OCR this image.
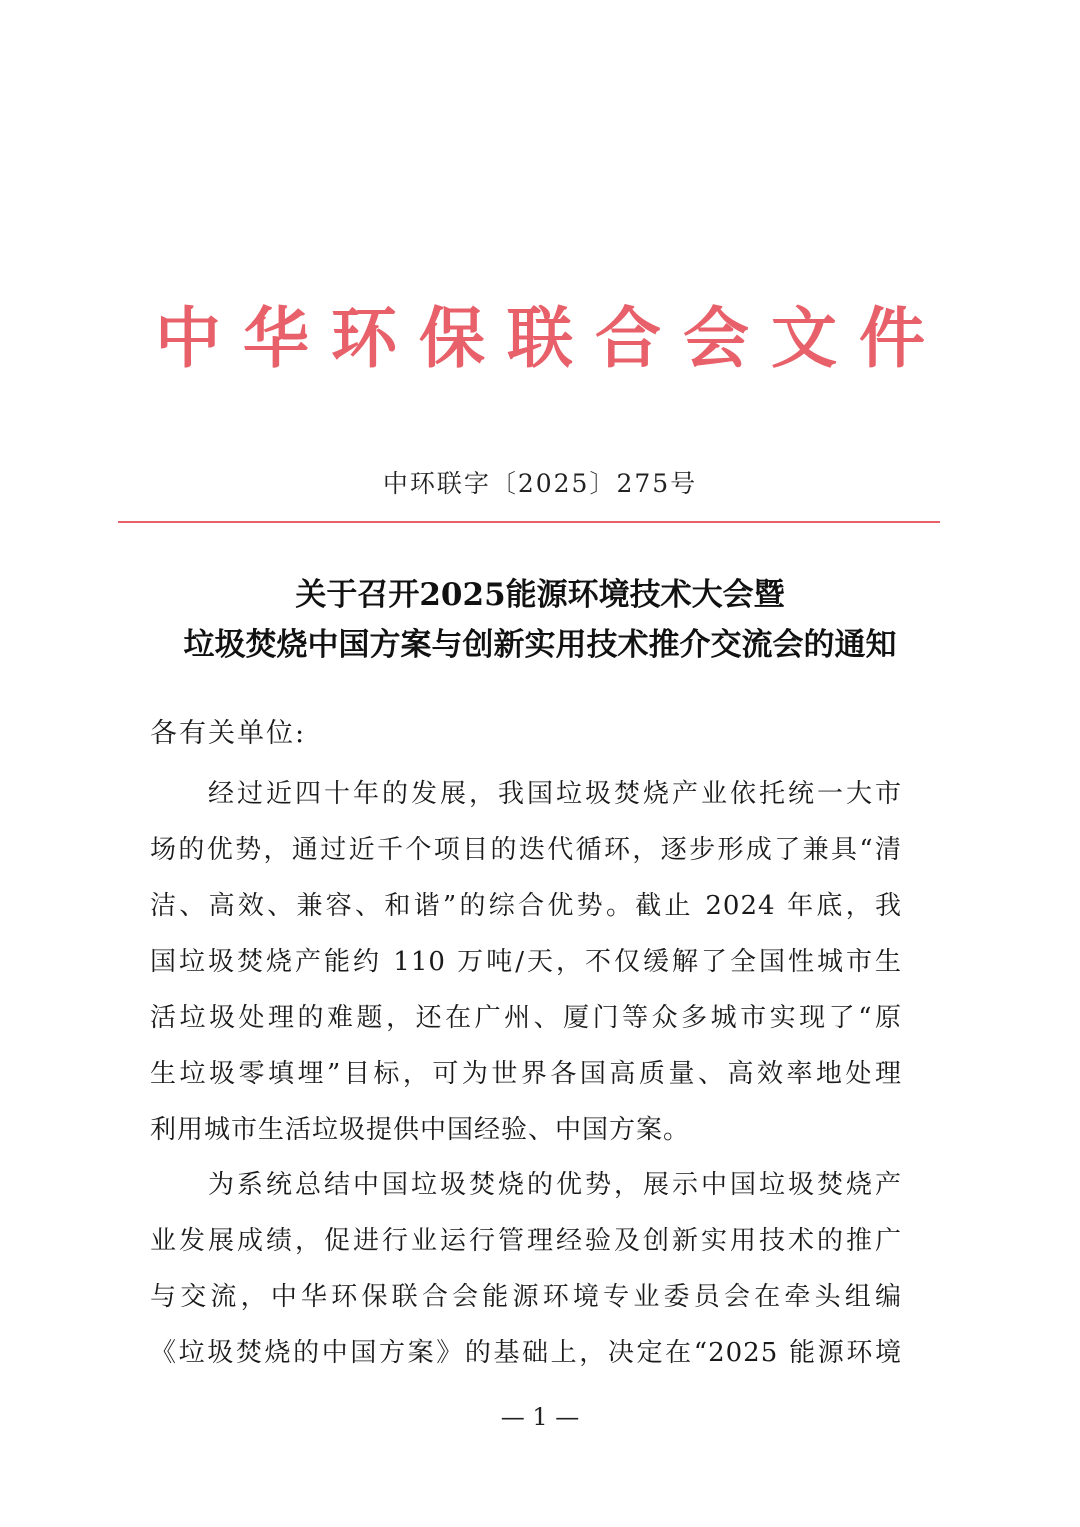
中华环保联合会文件
中环联字〔2025〕275号
关于召开2025能源环境技术大会暨
垃圾焚烧中国方案与创新实用技术推介交流会的通知
各有关单位:
　　经过近四十年的发展，我国垃圾焚烧产业依托统一大市
场的优势，通过近千个项目的迭代循环，逐步形成了兼具“清
洁、高效、兼容、和谐”的综合优势。截止 2024 年底，我
国垃圾焚烧产能约 110 万吨/天，不仅缓解了全国性城市生
活垃圾处理的难题，还在广州、厦门等众多城市实现了“原
生垃圾零填埋”目标，可为世界各国高质量、高效率地处理
利用城市生活垃圾提供中国经验、中国方案。
　　为系统总结中国垃圾焚烧的优势，展示中国垃圾焚烧产
业发展成绩，促进行业运行管理经验及创新实用技术的推广
与交流，中华环保联合会能源环境专业委员会在牵头组编
《垃圾焚烧的中国方案》的基础上，决定在“2025 能源环境
— 1 —
